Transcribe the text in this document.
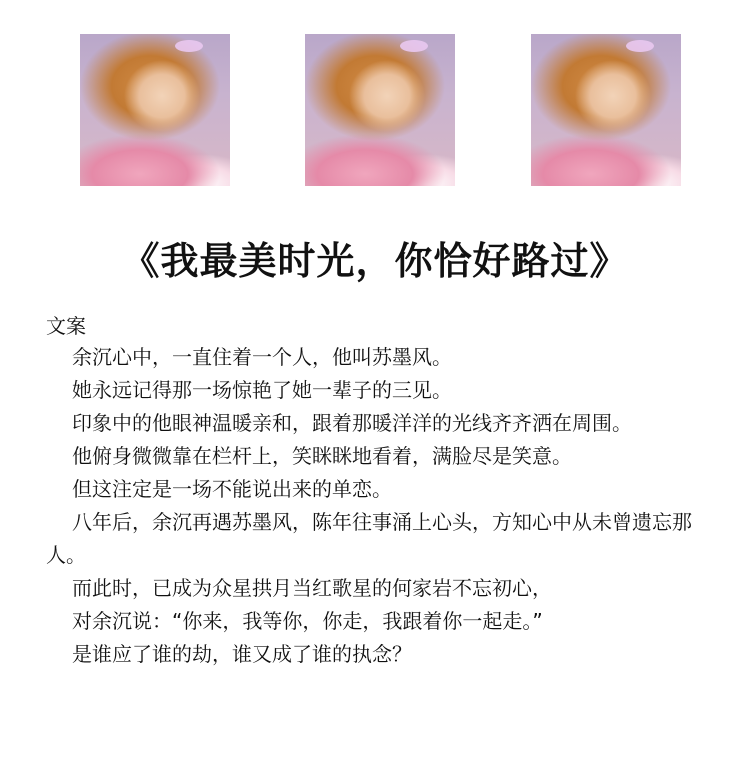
《我最美时光，你恰好路过》
文案

余沉心中，一直住着一个人，他叫苏墨风。

她永远记得那一场惊艳了她一辈子的三见。

印象中的他眼神温暖亲和，跟着那暖洋洋的光线齐齐洒在周围。

他俯身微微靠在栏杆上，笑眯眯地看着，满脸尽是笑意。

但这注定是一场不能说出来的单恋。

八年后，余沉再遇苏墨风，陈年往事涌上心头，方知心中从未曾遗忘那人。

而此时，已成为众星拱月当红歌星的何家岩不忘初心，

对余沉说：“你来，我等你，你走，我跟着你一起走。”

是谁应了谁的劫，谁又成了谁的执念？
